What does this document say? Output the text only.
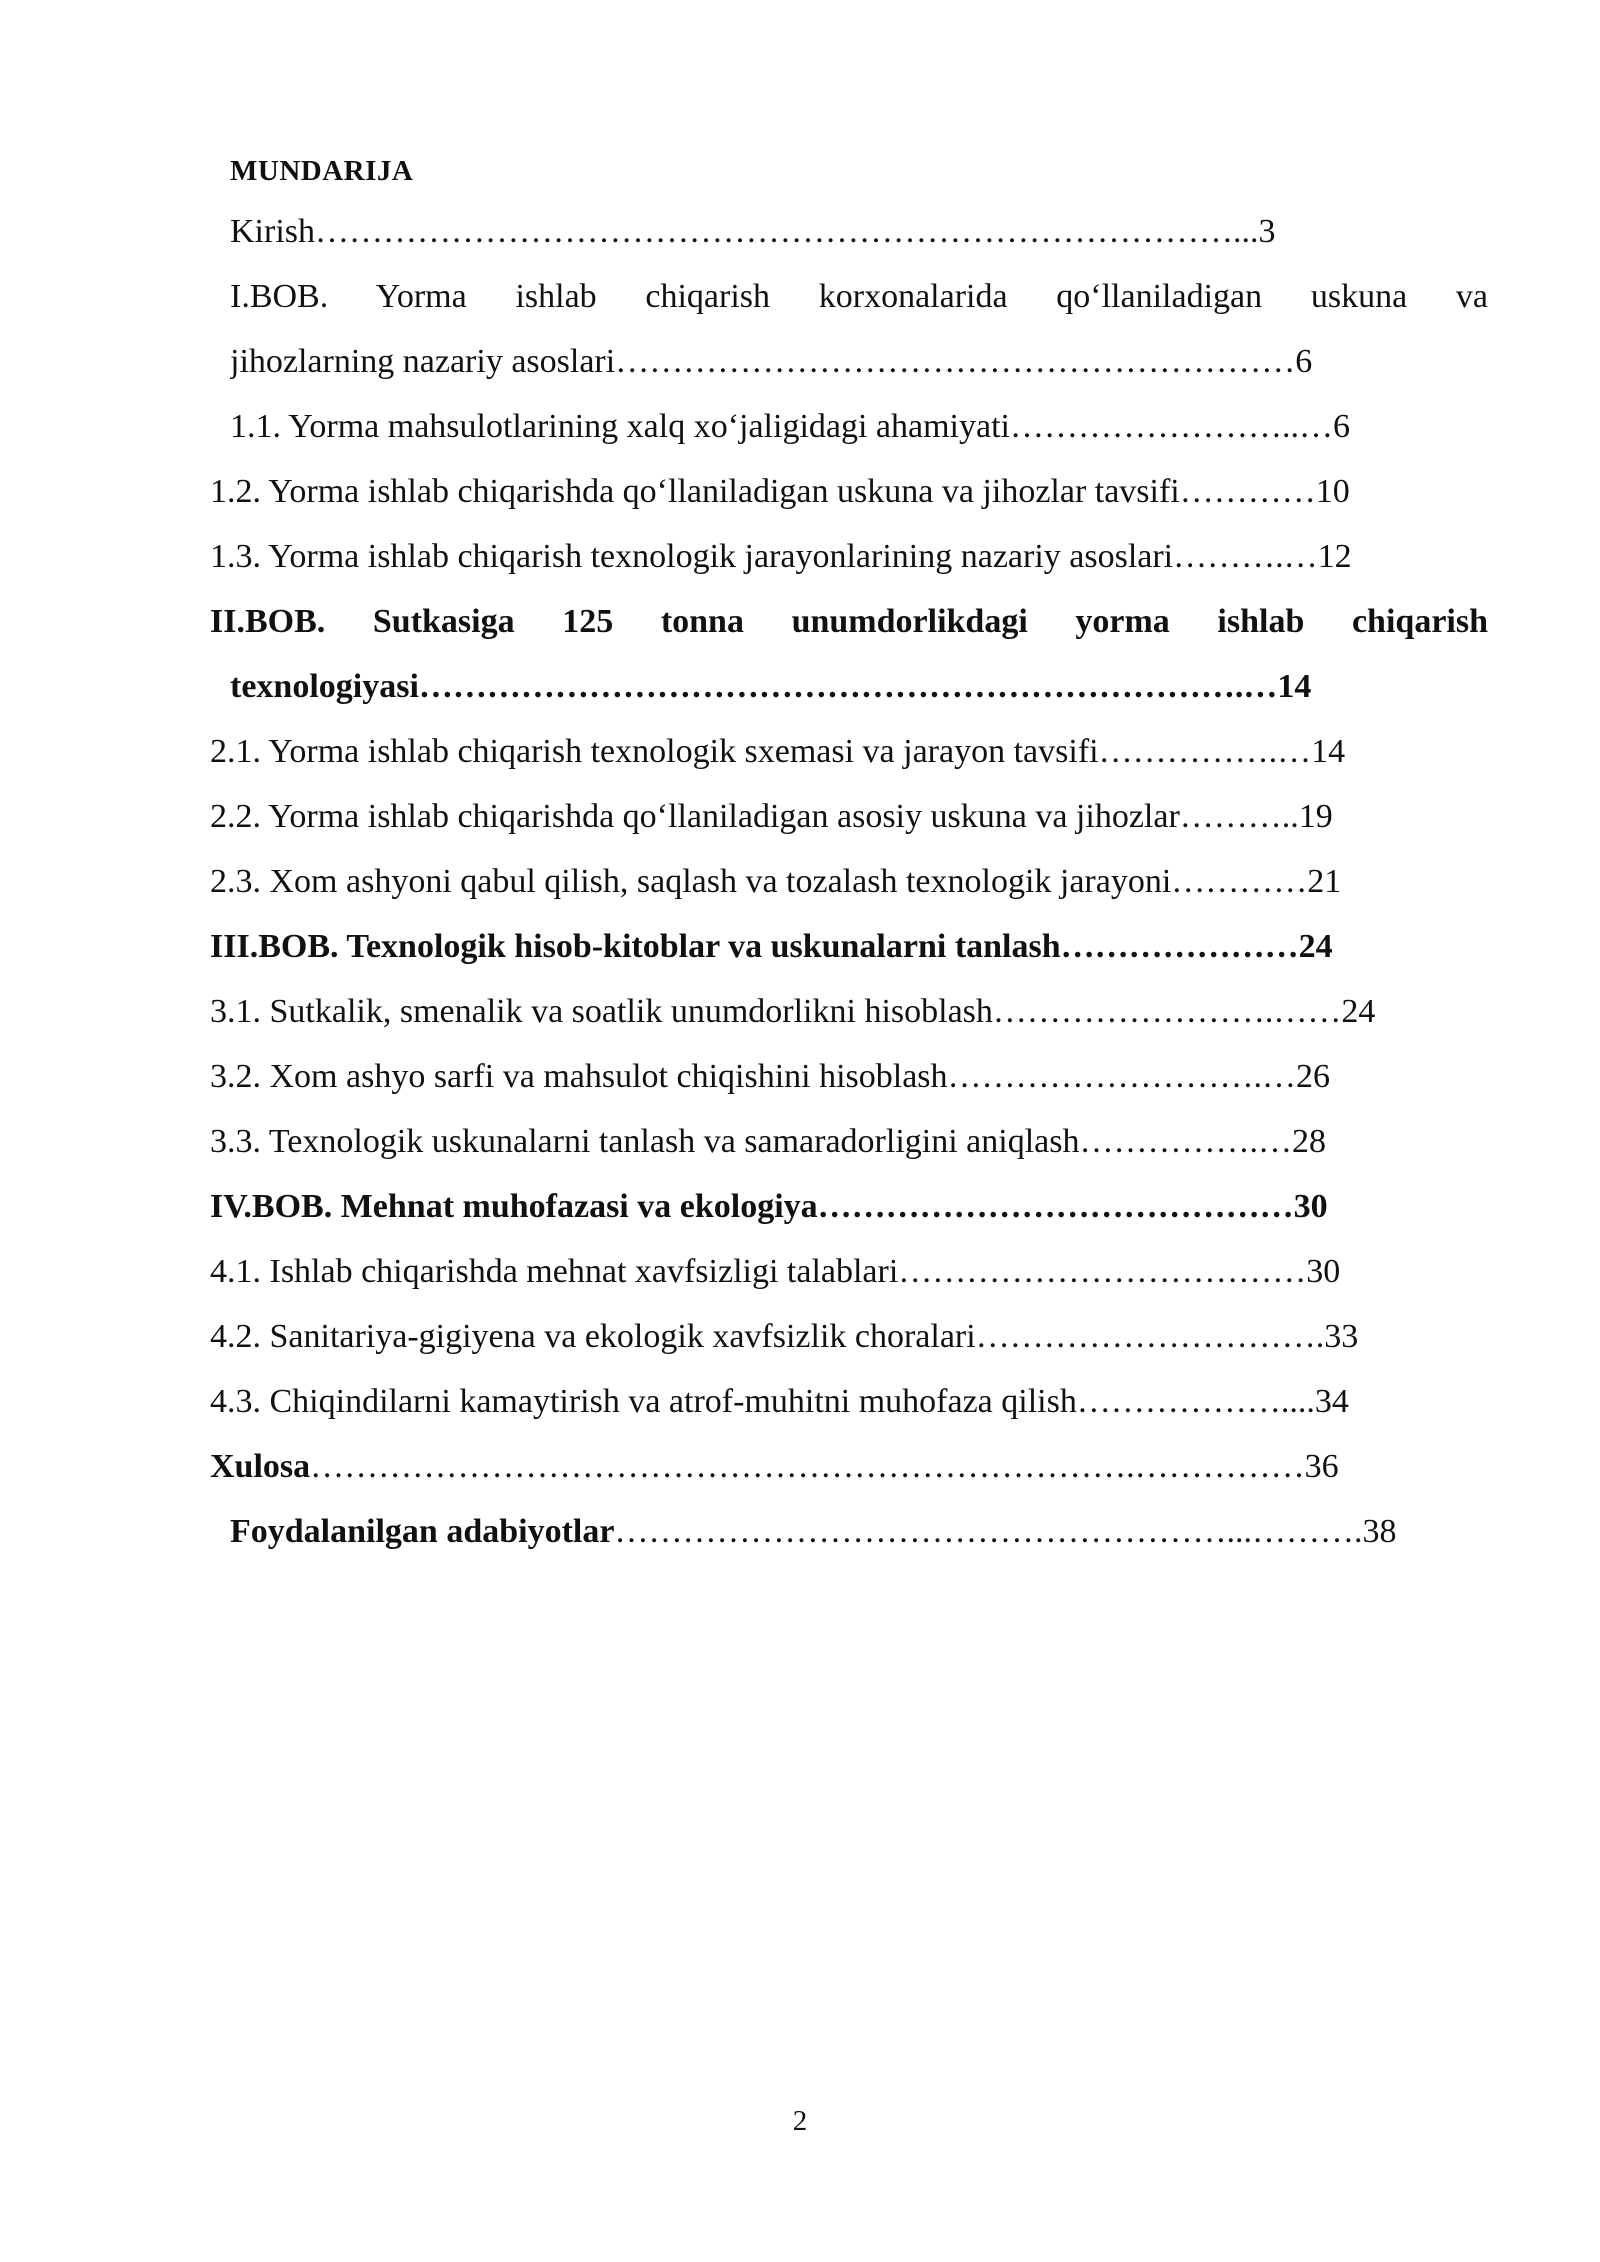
MUNDARIJA
Kirish………………………………………………………………………...3
I.BOB. Yorma ishlab chiqarish korxonalarida qo‘llaniladigan uskuna va
jihozlarning nazariy asoslari……………………………………………………6
1.1. Yorma mahsulotlarining xalq xo‘jaligidagi ahamiyati……………………..…6
1.2. Yorma ishlab chiqarishda qo‘llaniladigan uskuna va jihozlar tavsifi…………10
1.3. Yorma ishlab chiqarish texnologik jarayonlarining nazariy asoslari……….…12
II.BOB. Sutkasiga 125 tonna unumdorlikdagi yorma ishlab chiqarish
texnologiyasi……………………………………………………………….…14
2.1. Yorma ishlab chiqarish texnologik sxemasi va jarayon tavsifi…………….…14
2.2. Yorma ishlab chiqarishda qo‘llaniladigan asosiy uskuna va jihozlar………..19
2.3. Xom ashyoni qabul qilish, saqlash va tozalash texnologik jarayoni…………21
III.BOB. Texnologik hisob-kitoblar va uskunalarni tanlash…………………24
3.1. Sutkalik, smenalik va soatlik unumdorlikni hisoblash…………………….……24
3.2. Xom ashyo sarfi va mahsulot chiqishini hisoblash……………………….…26
3.3. Texnologik uskunalarni tanlash va samaradorligini aniqlash…………….…28
IV.BOB. Mehnat muhofazasi va ekologiya……………………………………30
4.1. Ishlab chiqarishda mehnat xavfsizligi talablari………………………………30
4.2. Sanitariya-gigiyena va ekologik xavfsizlik choralari………………………….33
4.3. Chiqindilarni kamaytirish va atrof-muhitni muhofaza qilish………………....34
Xulosa……………………………………………………………….……………36
Foydalanilgan adabiyotlar………………………………………………...……….38
2
